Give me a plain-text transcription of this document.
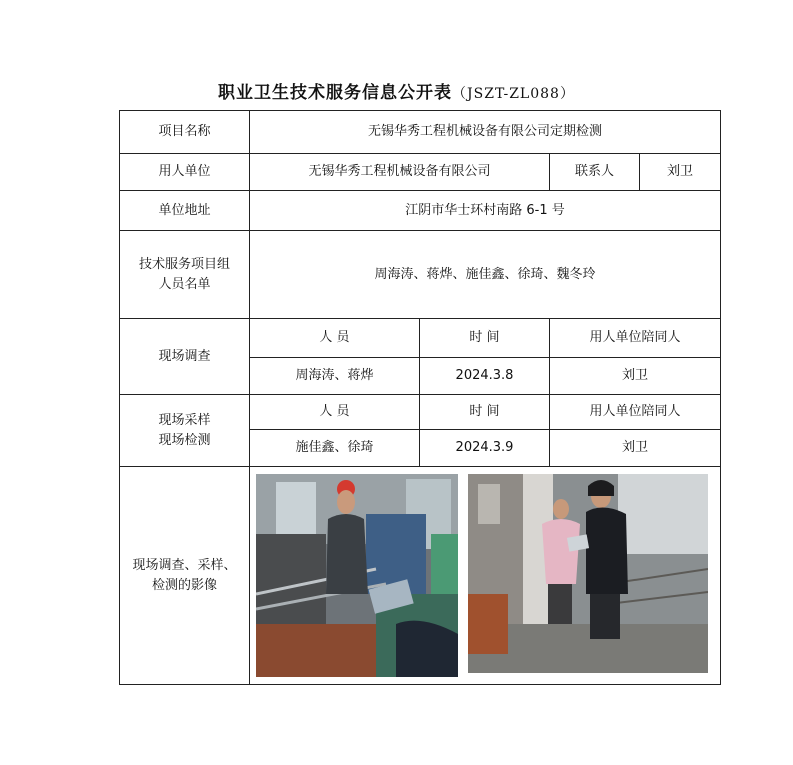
职业卫生技术服务信息公开表（JSZT-ZL088）
项目名称	无锡华秀工程机械设备有限公司定期检测			
用人单位	无锡华秀工程机械设备有限公司		联系人	刘卫
单位地址	江阴市华士环村南路 6-1 号			
技术服务项目组
人员名单	周海涛、蒋烨、施佳鑫、徐琦、魏冬玲			
现场调查	人 员	时 间	用人单位陪同人	
	周海涛、蒋烨	2024.3.8	刘卫	
现场采样
现场检测	人 员	时 间	用人单位陪同人	
	施佳鑫、徐琦	2024.3.9	刘卫	
现场调查、采样、
检测的影像	
